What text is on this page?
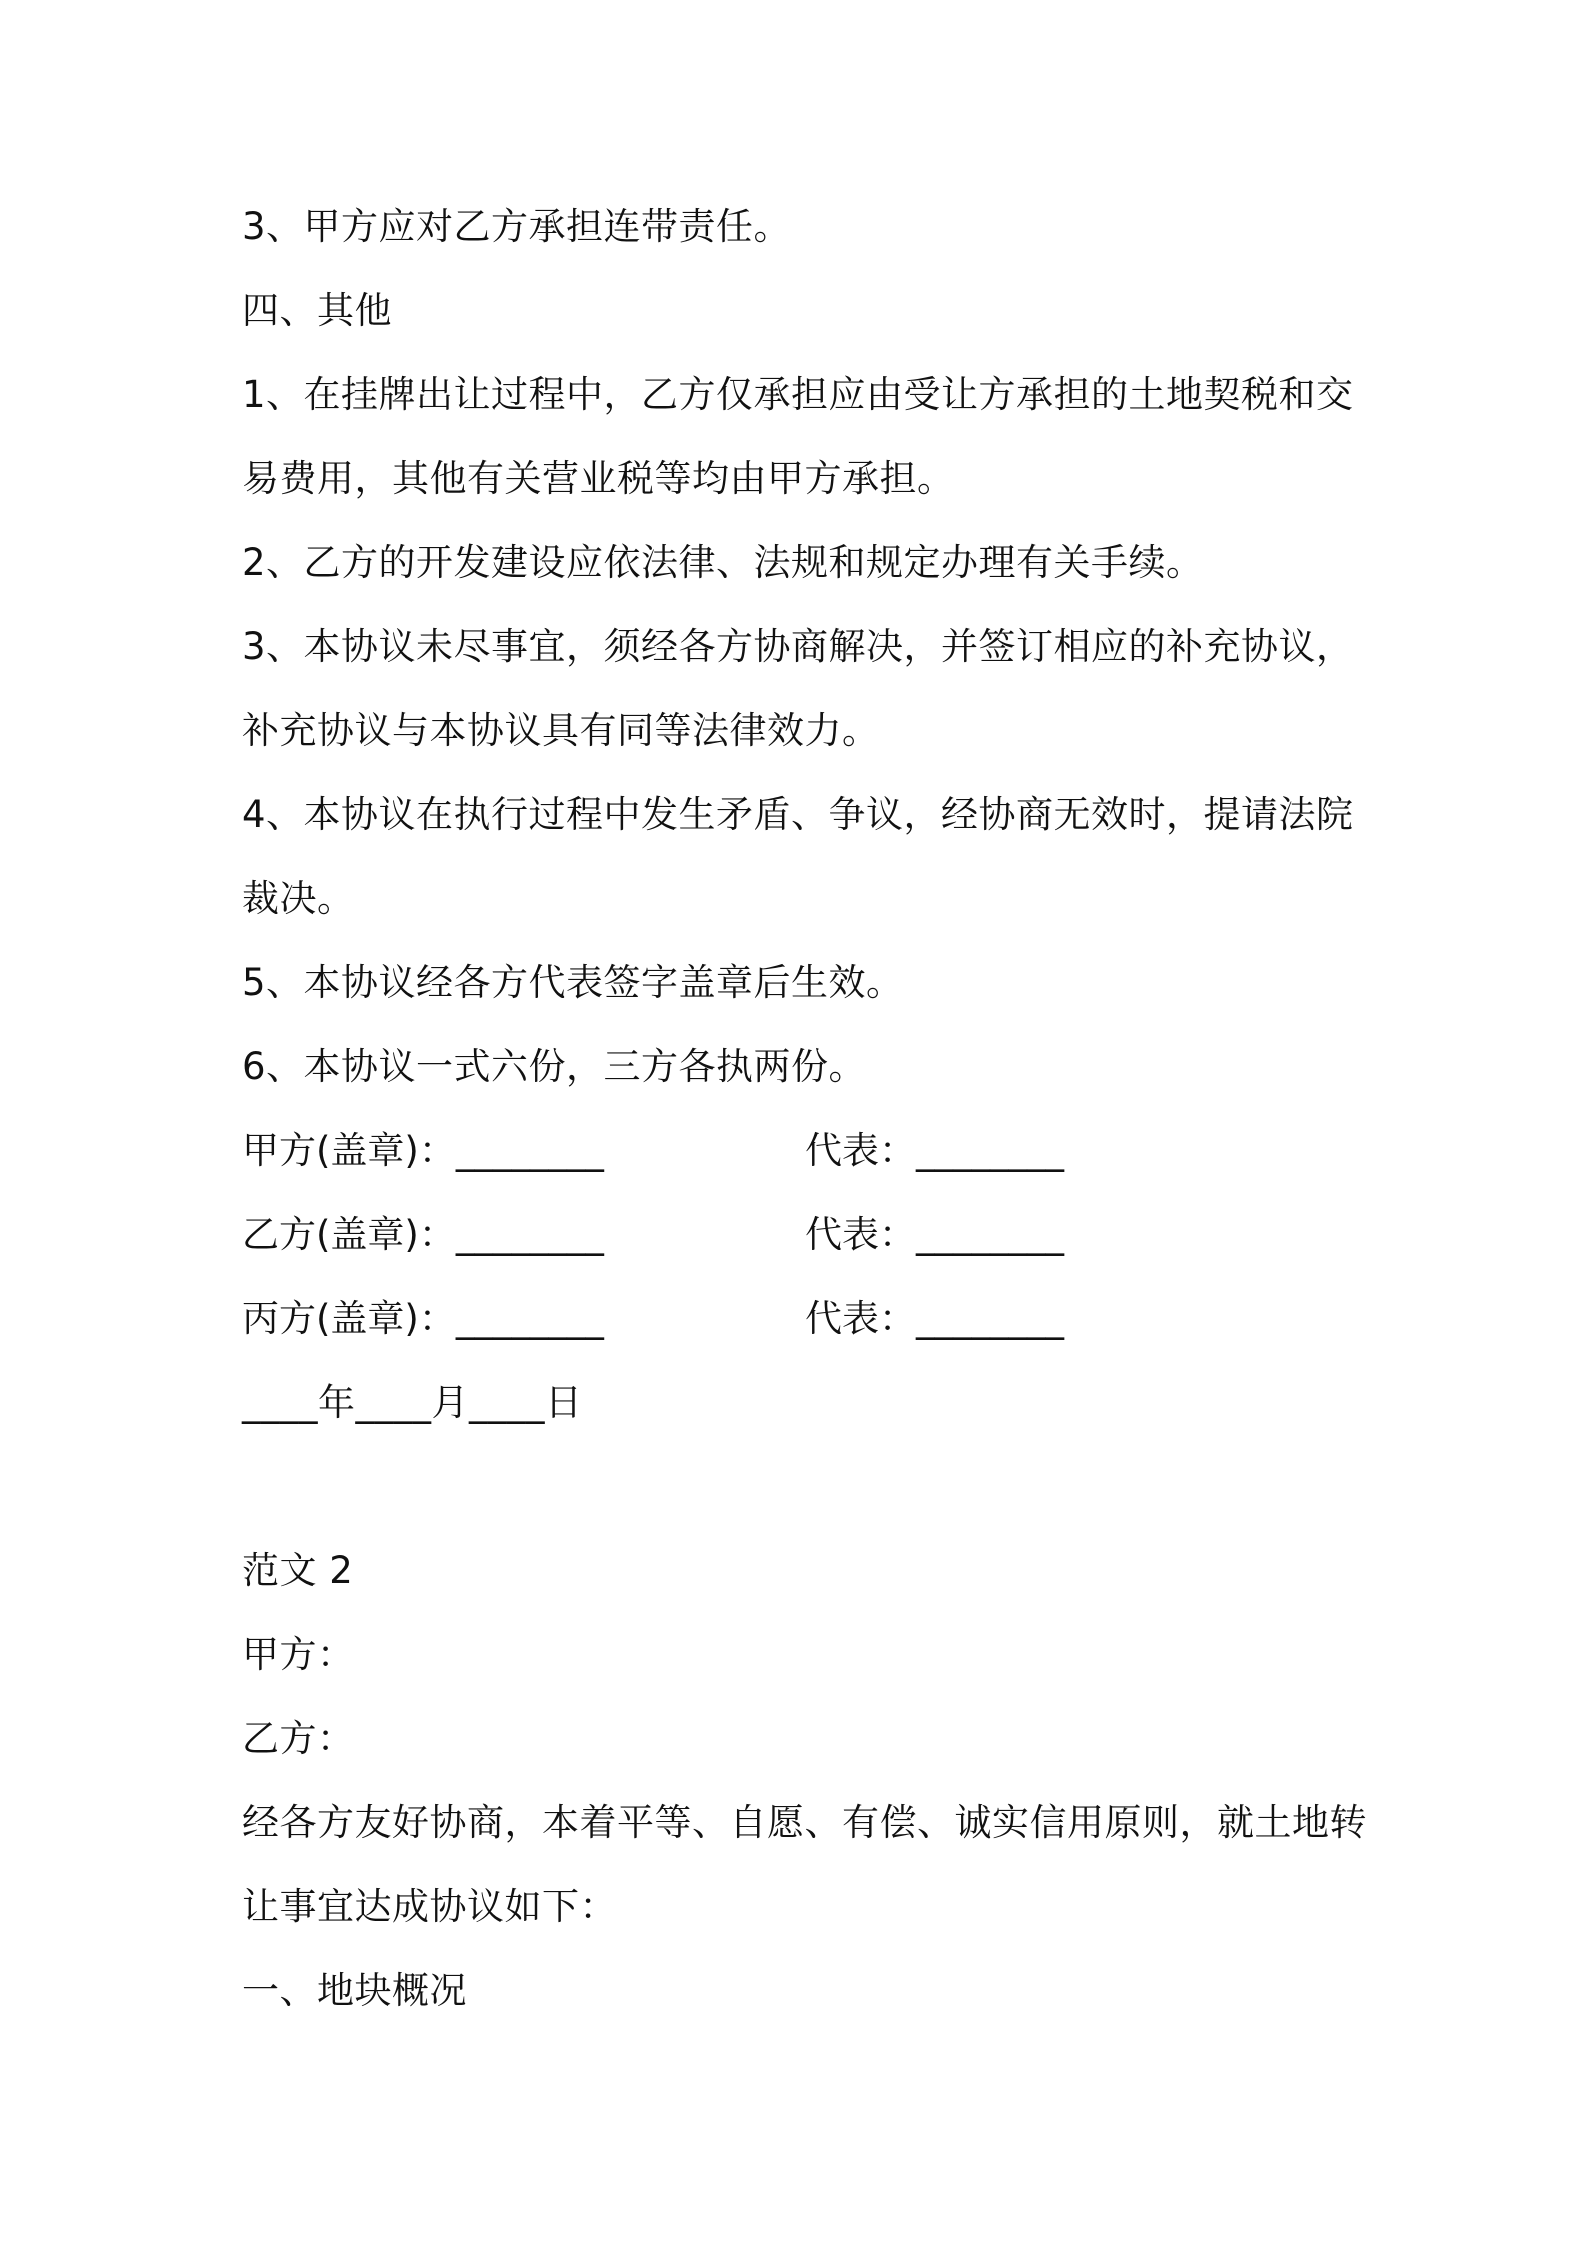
3、甲方应对乙方承担连带责任。
四、其他
1、在挂牌出让过程中，乙方仅承担应由受让方承担的土地契税和交
易费用，其他有关营业税等均由甲方承担。
2、乙方的开发建设应依法律、法规和规定办理有关手续。
3、本协议未尽事宜，须经各方协商解决，并签订相应的补充协议，
补充协议与本协议具有同等法律效力。
4、本协议在执行过程中发生矛盾、争议，经协商无效时，提请法院
裁决。
5、本协议经各方代表签字盖章后生效。
6、本协议一式六份，三方各执两份。
甲方(盖章)：________	代表：________
乙方(盖章)：________	代表：________
丙方(盖章)：________	代表：________
____年____月____日
范文 2
甲方：
乙方：
经各方友好协商，本着平等、自愿、有偿、诚实信用原则，就土地转
让事宜达成协议如下：
一、地块概况
